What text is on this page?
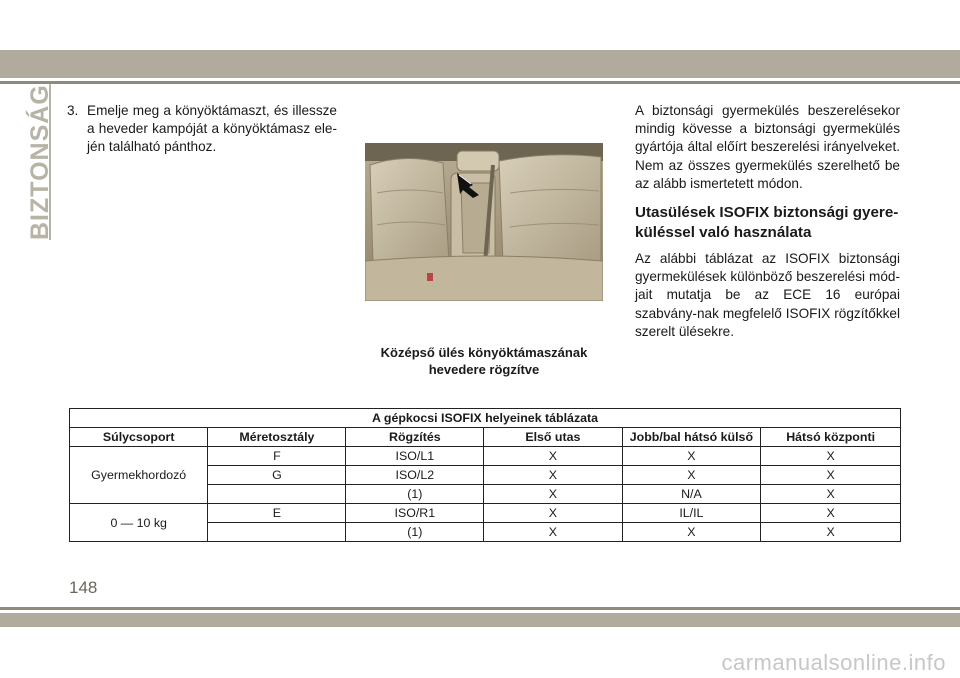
BIZTONSÁG 3. Emelje meg a könyöktámaszt, és illessze a heveder kampóját a könyöktámasz ele-jén található pánthoz.
Középső ülés könyöktámaszának
hevedere rögzítve

A biztonsági gyermekülés beszerelésekor mindig kövesse a biztonsági gyermekülés gyártója által előírt beszerelési irányelveket. Nem az összes gyermekülés szerelhető be az alább ismertetett módon.

Utasülések ISOFIX biztonsági gyere-küléssel való használata

Az alábbi táblázat az ISOFIX biztonsági gyermekülések különböző beszerelési mód-jait mutatja be az ECE 16 európai szabvány-nak megfelelő ISOFIX rögzítőkkel szerelt ülésekre.

A gépkocsi ISOFIX helyeinek táblázata					
Súlycsoport	Méretosztály	Rögzítés	Első utas	Jobb/bal hátsó külső	Hátsó központi
Gyermekhordozó	F	ISO/L1	X	X	X
	G	ISO/L2	X	X	X
		(1)	X	N/A	X
0 — 10 kg	E	ISO/R1	X	IL/IL	X
		(1)	X	X	X
148
carmanualsonline.info
